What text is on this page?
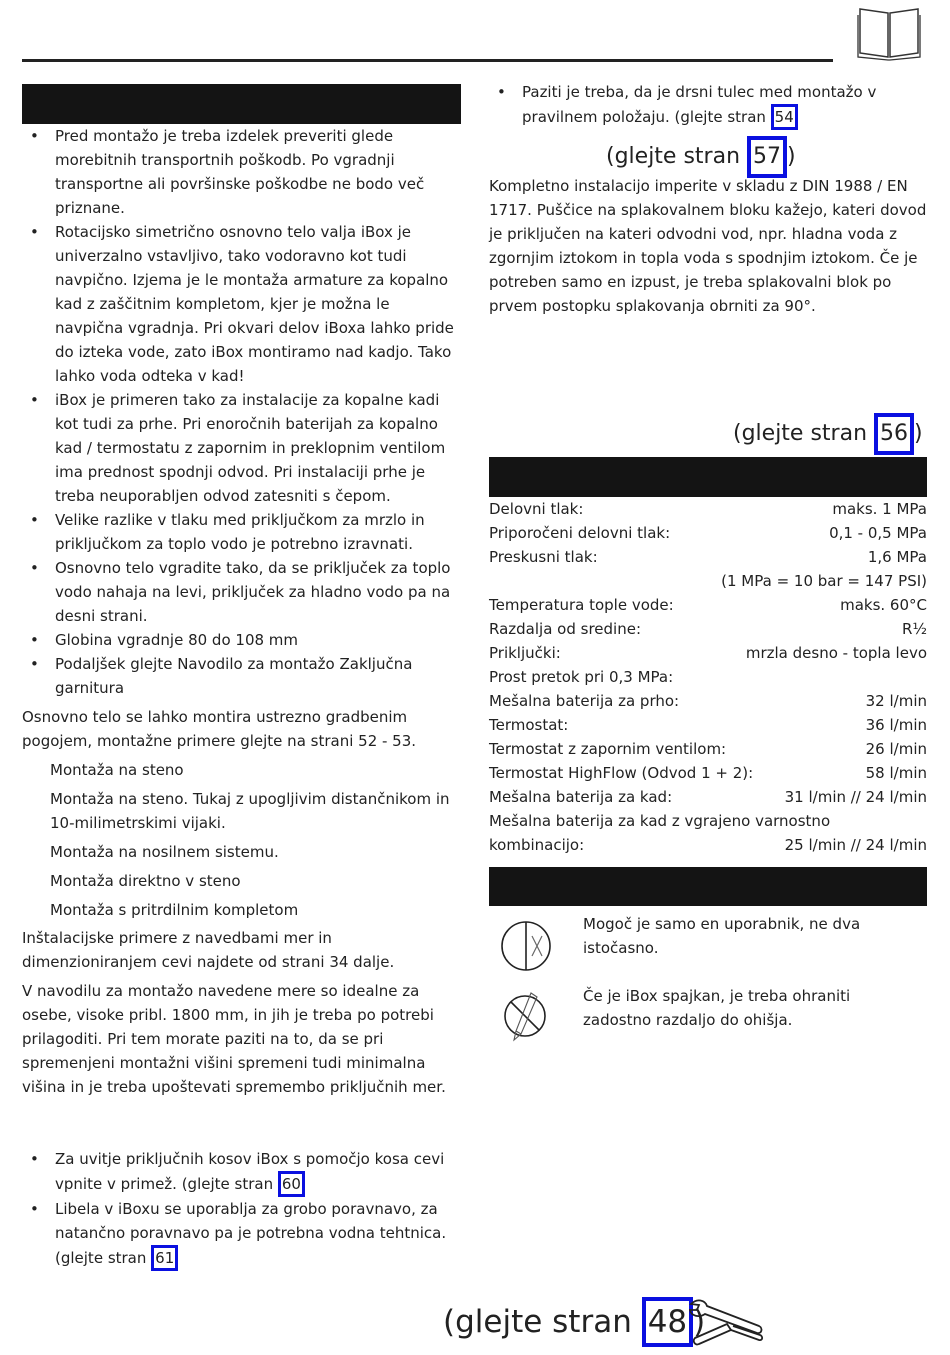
• Pred montažo je treba izdelek preveriti glede morebitnih transportnih poškodb. Po vgradnji transportne ali površinske poškodbe ne bodo več priznane.
• Rotacijsko simetrično osnovno telo valja iBox je univerzalno vstavljivo, tako vodoravno kot tudi navpično. Izjema je le montaža armature za kopalno kad z zaščitnim kompletom, kjer je možna le navpična vgradnja. Pri okvari delov iBoxa lahko pride do izteka vode, zato iBox montiramo nad kadjo. Tako lahko voda odteka v kad!
• iBox je primeren tako za instalacije za kopalne kadi kot tudi za prhe. Pri enoročnih baterijah za kopalno kad / termostatu z zapornim in preklopnim ventilom ima prednost spodnji odvod. Pri instalaciji prhe je treba neuporabljen odvod zatesniti s čepom.
• Velike razlike v tlaku med priključkom za mrzlo in priključkom za toplo vodo je potrebno izravnati.
• Osnovno telo vgradite tako, da se priključek za toplo vodo nahaja na levi, priključek za hladno vodo pa na desni strani.
• Globina vgradnje 80 do 108 mm
• Podaljšek glejte Navodilo za montažo Zaključna garnitura

Osnovno telo se lahko montira ustrezno gradbenim pogojem, montažne primere glejte na strani 52 - 53.

Montaža na steno

Montaža na steno. Tukaj z upogljivim distančnikom in 10-milimetrskimi vijaki.

Montaža na nosilnem sistemu.

Montaža direktno v steno

Montaža s pritrdilnim kompletom

Inštalacijske primere z navedbami mer in dimenzioniranjem cevi najdete od strani 34 dalje.

V navodilu za montažo navedene mere so idealne za osebe, visoke pribl. 1800 mm, in jih je treba po potrebi prilagoditi. Pri tem morate paziti na to, da se pri spremenjeni montažni višini spremeni tudi minimalna višina in je treba upoštevati spremembo priključnih mer.

• Za uvitje priključnih kosov iBox s pomočjo kosa cevi vpnite v primež. (glejte stran 60
• Libela v iBoxu se uporablja za grobo poravnavo, za natančno poravnavo pa je potrebna vodna tehtnica. (glejte stran 61
• Paziti je treba, da je drsni tulec med montažo v pravilnem položaju. (glejte stran 54
(glejte stran 57 )

Kompletno instalacijo imperite v skladu z DIN 1988 / EN 1717. Puščice na splakovalnem bloku kažejo, kateri dovod je priključen na kateri odvodni vod, npr. hladna voda z zgornjim iztokom in topla voda s spodnjim iztokom. Če je potreben samo en izpust, je treba splakovalni blok po prvem postopku splakovanja obrniti za 90°.

(glejte stran 56 )
Delovni tlak:	maks. 1 MPa
Priporočeni delovni tlak:	0,1 - 0,5 MPa
Preskusni tlak:	1,6 MPa
(1 MPa = 10 bar = 147 PSI)
Temperatura tople vode:	maks. 60°C
Razdalja od sredine:	R½
Priključki:	mrzla desno - topla levo
Prost pretok pri 0,3 MPa:
Mešalna baterija za prho:	32 l/min
Termostat:	36 l/min
Termostat z zapornim ventilom:	26 l/min
Termostat HighFlow (Odvod 1 + 2):	58 l/min
Mešalna baterija za kad:	31 l/min // 24 l/min
Mešalna baterija za kad z vgrajeno varnostno
kombinacijo:	25 l/min // 24 l/min

Mogoč je samo en uporabnik, ne dva istočasno.

Če je iBox spajkan, je treba ohraniti zadostno razdaljo do ohišja.

(glejte stran 48 )
